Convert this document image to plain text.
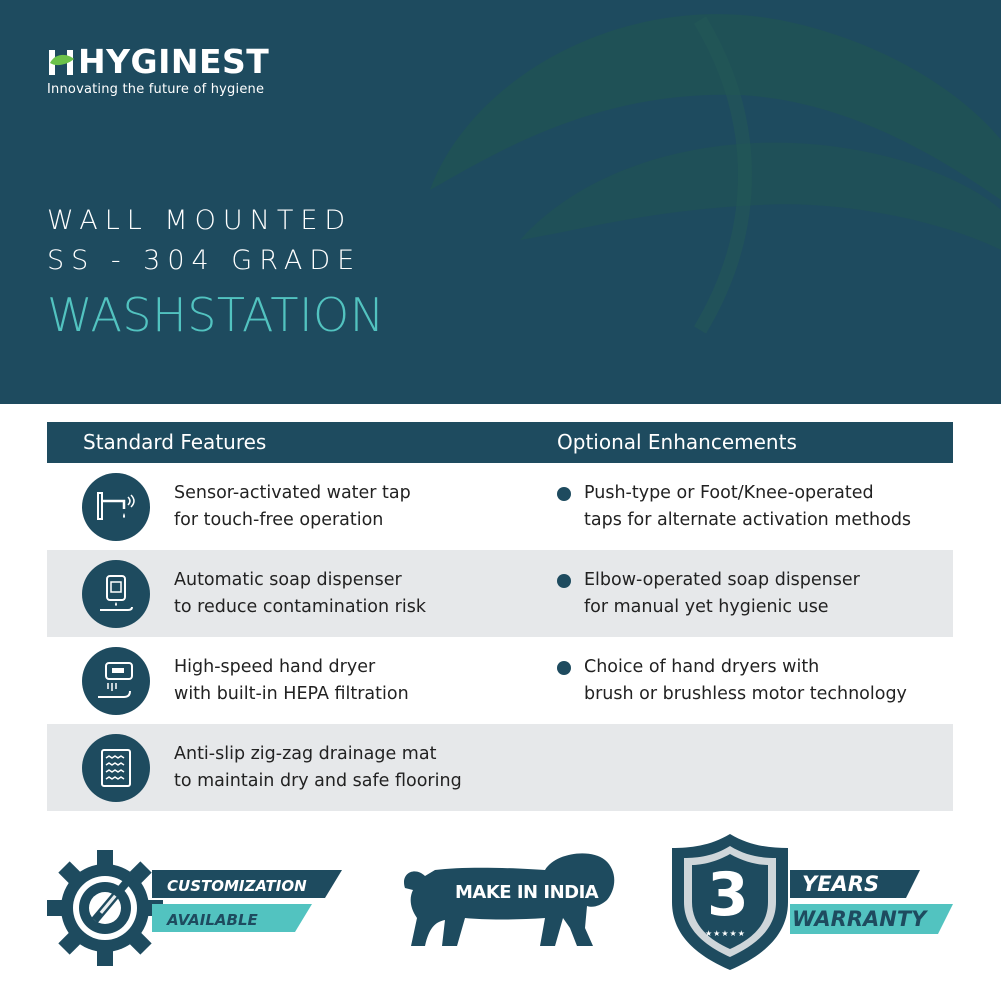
HYGINEST
Innovating the future of hygiene
WALL MOUNTED
SS - 304 GRADE
WASHSTATION
Standard Features	Optional Enhancements
Sensor-activated water tap
for touch-free operation
Push-type or Foot/Knee-operated
taps for alternate activation methods
Automatic soap dispenser
to reduce contamination risk
Elbow-operated soap dispenser
for manual yet hygienic use
High-speed hand dryer
with built-in HEPA filtration
Choice of hand dryers with
brush or brushless motor technology
Anti-slip zig-zag drainage mat
to maintain dry and safe flooring
CUSTOMIZATION
AVAILABLE
MAKE IN INDIA 3
★★★★★
YEARS
WARRANTY
